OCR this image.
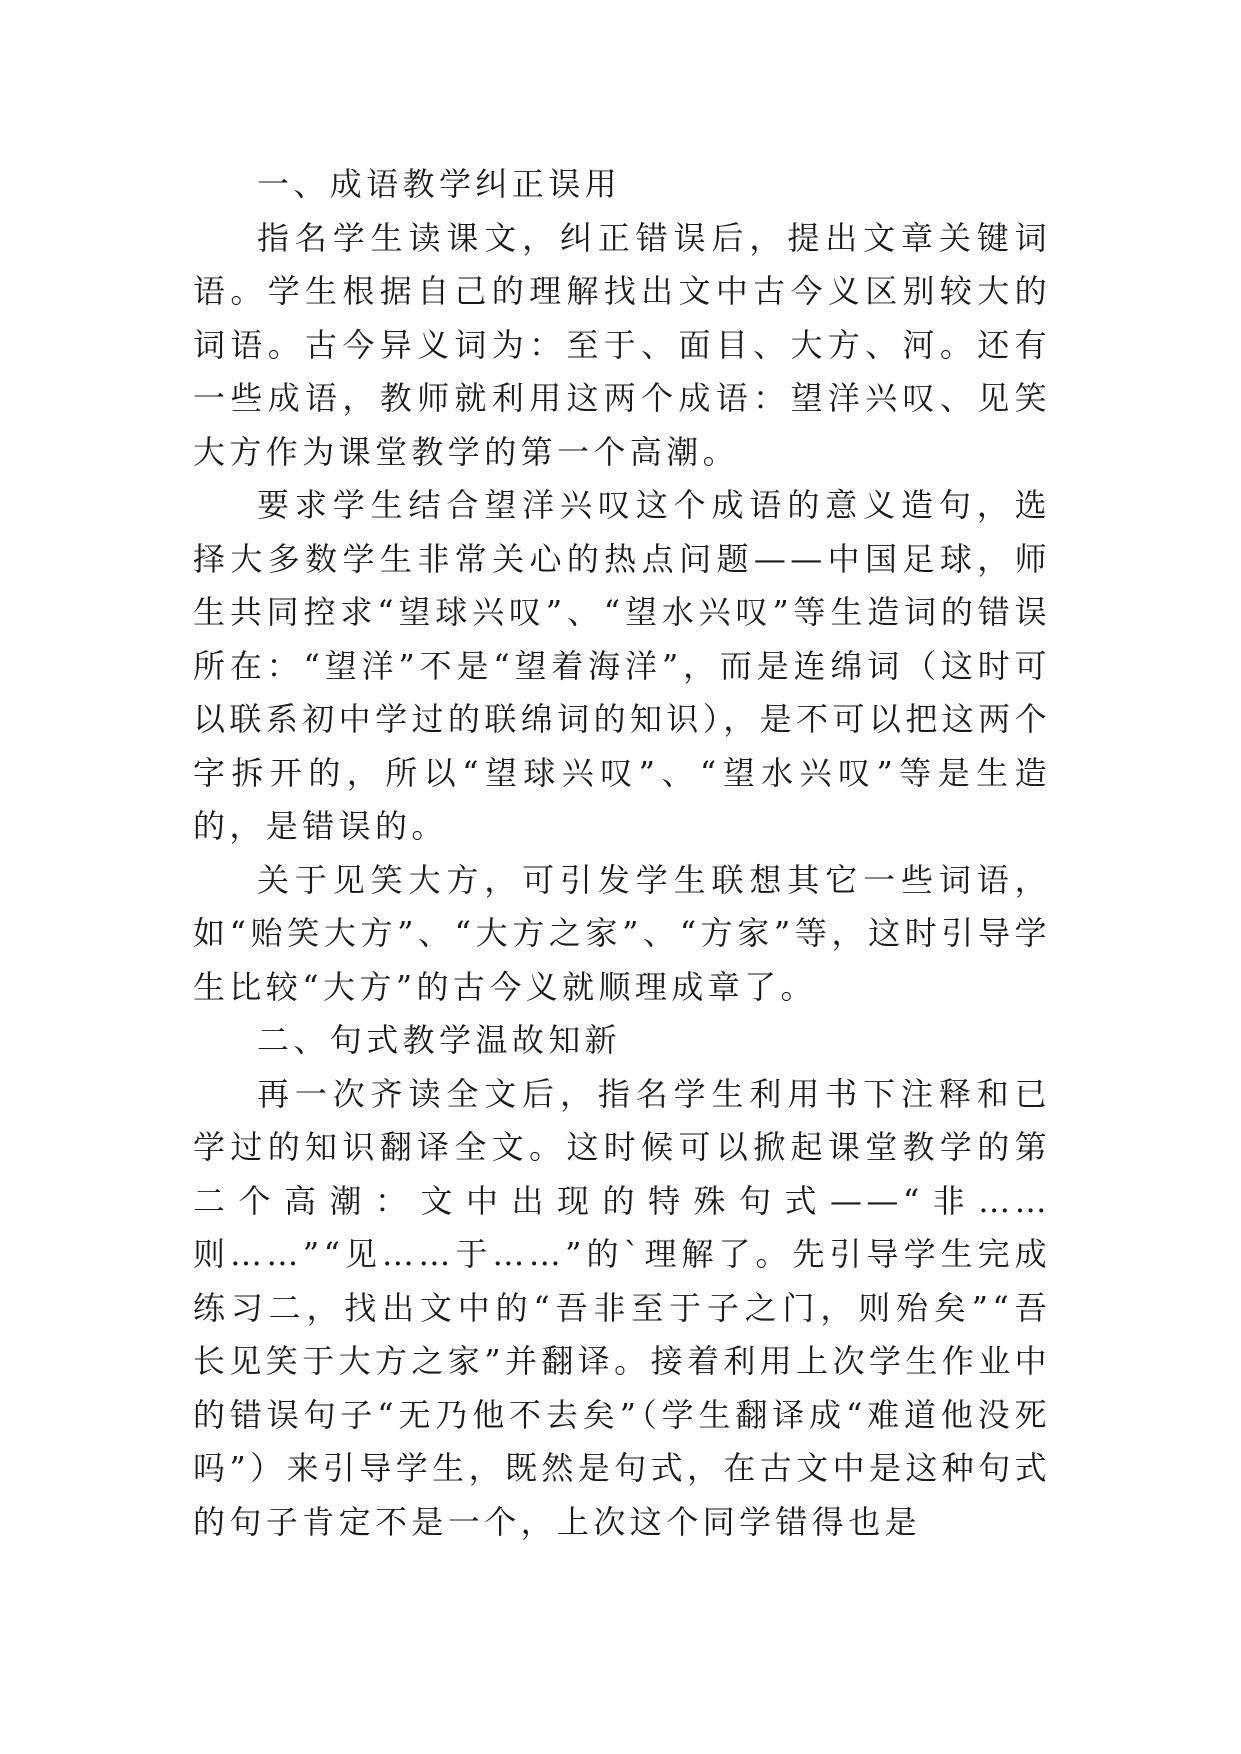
一、成语教学纠正误用

指名学生读课文，纠正错误后，提出文章关键词语。学生根据自己的理解找出文中古今义区别较大的词语。古今异义词为：至于、面目、大方、河。还有一些成语，教师就利用这两个成语：望洋兴叹、见笑大方作为课堂教学的第一个高潮。

要求学生结合望洋兴叹这个成语的意义造句，选择大多数学生非常关心的热点问题——中国足球，师生共同控求“望球兴叹”、“望水兴叹”等生造词的错误所在：“望洋”不是“望着海洋”，而是连绵词（这时可以联系初中学过的联绵词的知识），是不可以把这两个字拆开的，所以“望球兴叹”、“望水兴叹”等是生造的，是错误的。

关于见笑大方，可引发学生联想其它一些词语，如“贻笑大方”、“大方之家”、“方家”等，这时引导学生比较“大方”的古今义就顺理成章了。

二、句式教学温故知新

再一次齐读全文后，指名学生利用书下注释和已学过的知识翻译全文。这时候可以掀起课堂教学的第二个高潮：文中出现的特殊句式——“非……则……”“见……于……”的`理解了。先引导学生完成练习二，找出文中的“吾非至于子之门，则殆矣”“吾长见笑于大方之家”并翻译。接着利用上次学生作业中的错误句子“无乃他不去矣”（学生翻译成“难道他没死吗”）来引导学生，既然是句式，在古文中是这种句式的句子肯定不是一个，上次这个同学错得也是
